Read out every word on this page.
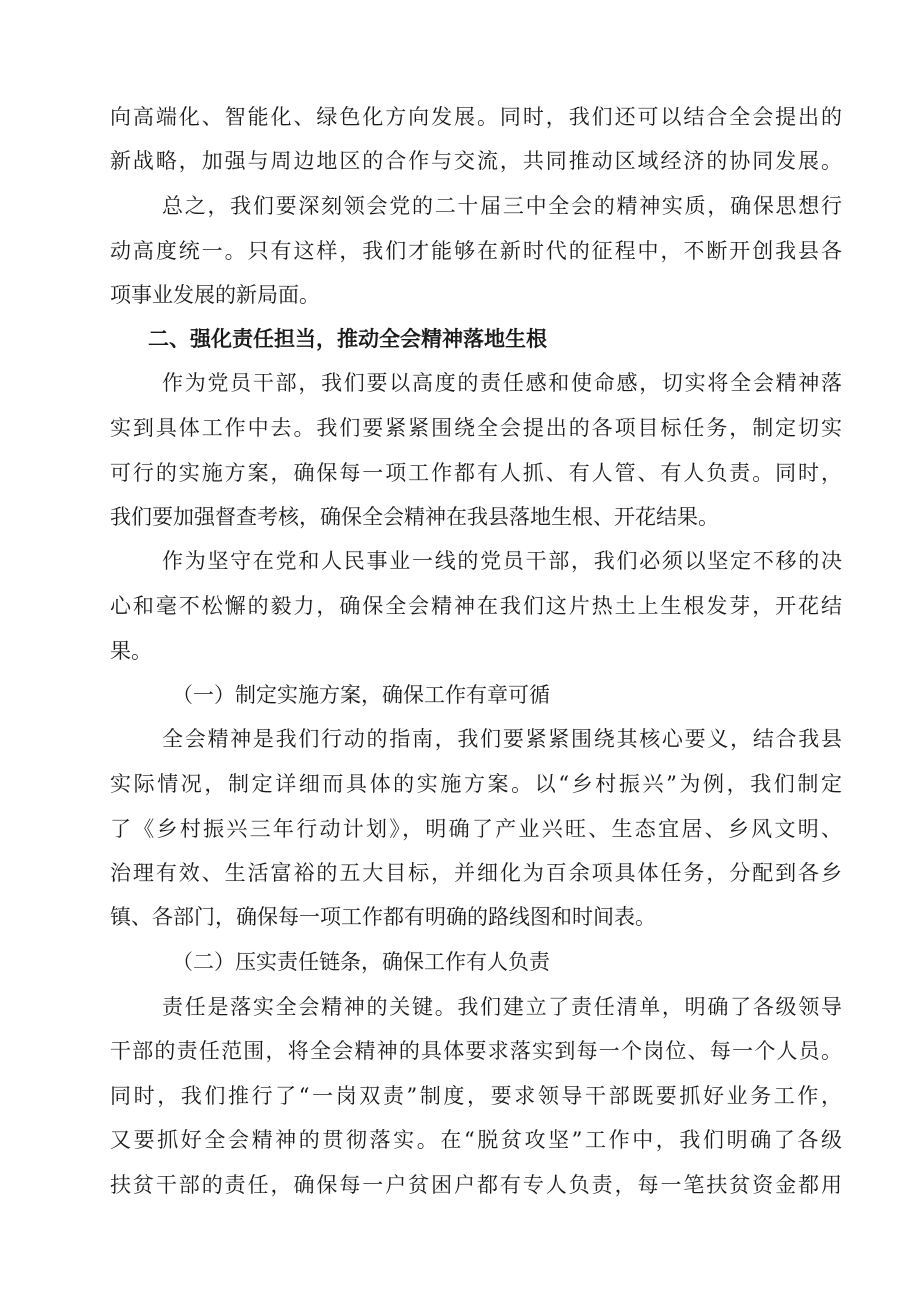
向高端化、智能化、绿色化方向发展。同时，我们还可以结合全会提出的
新战略，加强与周边地区的合作与交流，共同推动区域经济的协同发展。
总之，我们要深刻领会党的二十届三中全会的精神实质，确保思想行
动高度统一。只有这样，我们才能够在新时代的征程中，不断开创我县各
项事业发展的新局面。
二、强化责任担当，推动全会精神落地生根
作为党员干部，我们要以高度的责任感和使命感，切实将全会精神落
实到具体工作中去。我们要紧紧围绕全会提出的各项目标任务，制定切实
可行的实施方案，确保每一项工作都有人抓、有人管、有人负责。同时，
我们要加强督查考核，确保全会精神在我县落地生根、开花结果。
作为坚守在党和人民事业一线的党员干部，我们必须以坚定不移的决
心和毫不松懈的毅力，确保全会精神在我们这片热土上生根发芽，开花结
果。
（一）制定实施方案，确保工作有章可循
全会精神是我们行动的指南，我们要紧紧围绕其核心要义，结合我县
实际情况，制定详细而具体的实施方案。以“乡村振兴”为例，我们制定
了《乡村振兴三年行动计划》，明确了产业兴旺、生态宜居、乡风文明、
治理有效、生活富裕的五大目标，并细化为百余项具体任务，分配到各乡
镇、各部门，确保每一项工作都有明确的路线图和时间表。
（二）压实责任链条，确保工作有人负责
责任是落实全会精神的关键。我们建立了责任清单，明确了各级领导
干部的责任范围，将全会精神的具体要求落实到每一个岗位、每一个人员。
同时，我们推行了“一岗双责”制度，要求领导干部既要抓好业务工作，
又要抓好全会精神的贯彻落实。在“脱贫攻坚”工作中，我们明确了各级
扶贫干部的责任，确保每一户贫困户都有专人负责，每一笔扶贫资金都用
